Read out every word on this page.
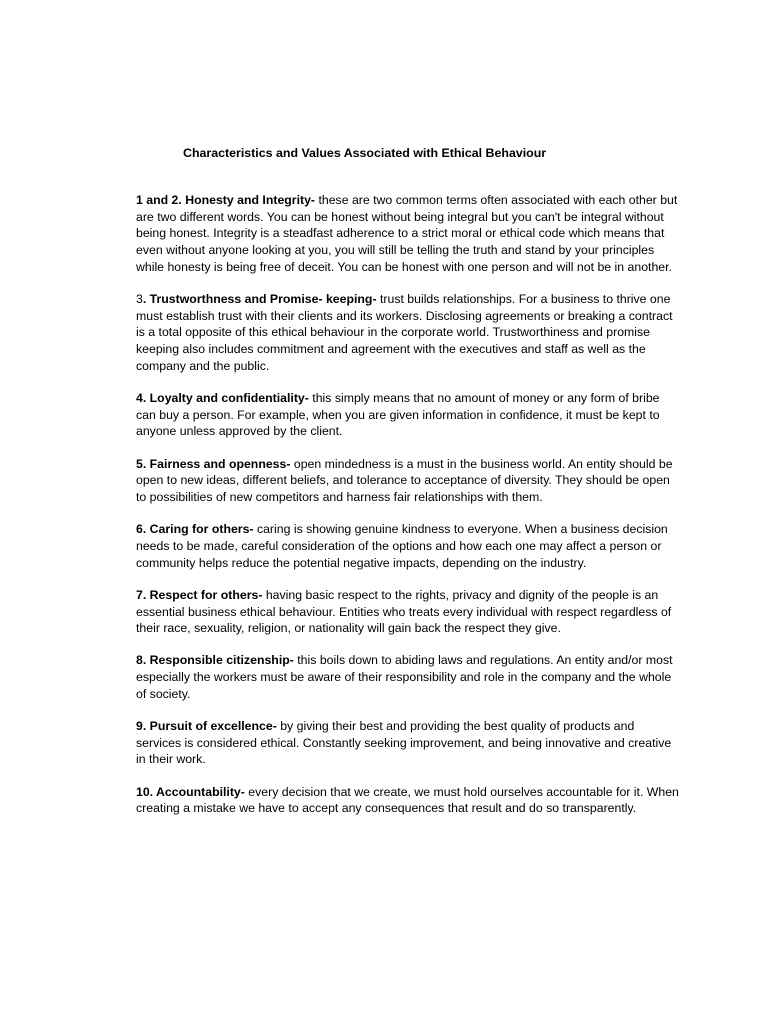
Characteristics and Values Associated with Ethical Behaviour

1 and 2. Honesty and Integrity- these are two common terms often associated with each other but are two different words. You can be honest without being integral but you can't be integral without being honest. Integrity is a steadfast adherence to a strict moral or ethical code which means that even without anyone looking at you, you will still be telling the truth and stand by your principles while honesty is being free of deceit. You can be honest with one person and will not be in another.

3. Trustworthness and Promise- keeping- trust builds relationships. For a business to thrive one must establish trust with their clients and its workers. Disclosing agreements or breaking a contract is a total opposite of this ethical behaviour in the corporate world. Trustworthiness and promise keeping also includes commitment and agreement with the executives and staff as well as the company and the public.

4. Loyalty and confidentiality- this simply means that no amount of money or any form of bribe can buy a person. For example, when you are given information in confidence, it must be kept to anyone unless approved by the client.

5. Fairness and openness- open mindedness is a must in the business world. An entity should be open to new ideas, different beliefs, and tolerance to acceptance of diversity. They should be open to possibilities of new competitors and harness fair relationships with them.

6. Caring for others- caring is showing genuine kindness to everyone. When a business decision needs to be made, careful consideration of the options and how each one may affect a person or community helps reduce the potential negative impacts, depending on the industry.

7. Respect for others- having basic respect to the rights, privacy and dignity of the people is an essential business ethical behaviour. Entities who treats every individual with respect regardless of their race, sexuality, religion, or nationality will gain back the respect they give.

8. Responsible citizenship- this boils down to abiding laws and regulations. An entity and/or most especially the workers must be aware of their responsibility and role in the company and the whole of society.

9. Pursuit of excellence- by giving their best and providing the best quality of products and services is considered ethical. Constantly seeking improvement, and being innovative and creative in their work.

10. Accountability- every decision that we create, we must hold ourselves accountable for it. When creating a mistake we have to accept any consequences that result and do so transparently.
